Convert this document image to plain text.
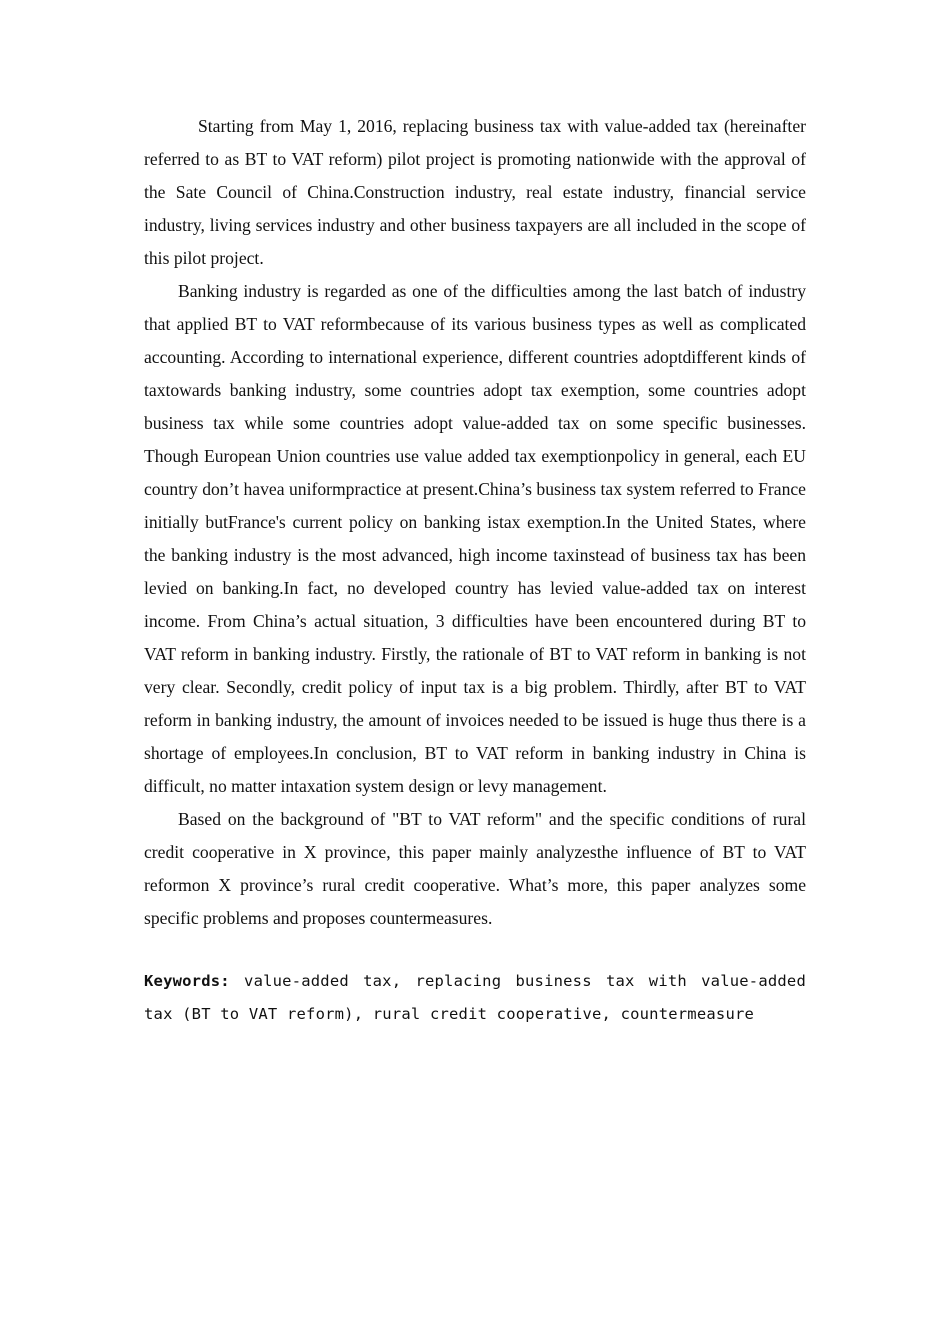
Starting from May 1, 2016, replacing business tax with value-added tax (hereinafter referred to as BT to VAT reform) pilot project is promoting nationwide with the approval of the Sate Council of China.Construction industry, real estate industry, financial service industry, living services industry and other business taxpayers are all included in the scope of this pilot project.

Banking industry is regarded as one of the difficulties among the last batch of industry that applied BT to VAT reformbecause of its various business types as well as complicated accounting. According to international experience, different countries adoptdifferent kinds of taxtowards banking industry, some countries adopt tax exemption, some countries adopt business tax while some countries adopt value-added tax on some specific businesses. Though European Union countries use value added tax exemptionpolicy in general, each EU country don’t havea uniformpractice at present.China’s business tax system referred to France initially butFrance's current policy on banking istax exemption.In the United States, where the banking industry is the most advanced, high income taxinstead of business tax has been levied on banking.In fact, no developed country has levied value-added tax on interest income. From China’s actual situation, 3 difficulties have been encountered during BT to VAT reform in banking industry. Firstly, the rationale of BT to VAT reform in banking is not very clear. Secondly, credit policy of input tax is a big problem. Thirdly, after BT to VAT reform in banking industry, the amount of invoices needed to be issued is huge thus there is a shortage of employees.In conclusion, BT to VAT reform in banking industry in China is difficult, no matter intaxation system design or levy management.

Based on the background of "BT to VAT reform" and the specific conditions of rural credit cooperative in X province, this paper mainly analyzesthe influence of BT to VAT reformon X province’s rural credit cooperative. What’s more, this paper analyzes some specific problems and proposes countermeasures.

Keywords: value-added tax, replacing business tax with value-added tax (BT to VAT reform), rural credit cooperative, countermeasure
